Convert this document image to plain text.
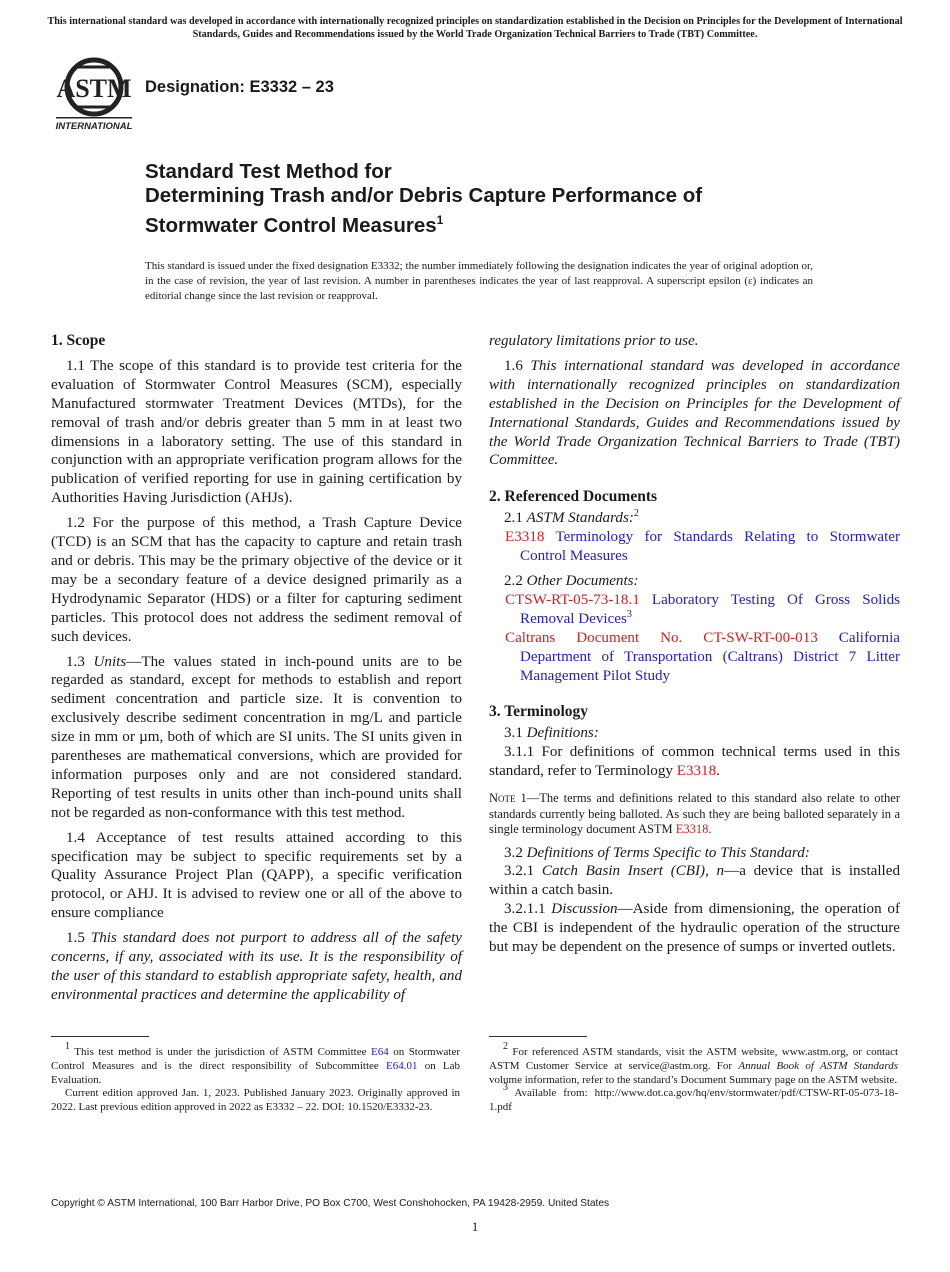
This international standard was developed in accordance with internationally recognized principles on standardization established in the Decision on Principles for the Development of International Standards, Guides and Recommendations issued by the World Trade Organization Technical Barriers to Trade (TBT) Committee.
ASTM
INTERNATIONAL
Designation: E3332 – 23
Standard Test Method for
Determining Trash and/or Debris Capture Performance of
Stormwater Control Measures$^1$
This standard is issued under the fixed designation E3332; the number immediately following the designation indicates the year of original adoption or, in the case of revision, the year of last revision. A number in parentheses indicates the year of last reapproval. A superscript epsilon (ε) indicates an editorial change since the last revision or reapproval.
1. Scope

1.1 The scope of this standard is to provide test criteria for the evaluation of Stormwater Control Measures (SCM), especially Manufactured stormwater Treatment Devices (MTDs), for the removal of trash and/or debris greater than 5 mm in at least two dimensions in a laboratory setting. The use of this standard in conjunction with an appropriate verification program allows for the publication of verified reporting for use in gaining certification by Authorities Having Jurisdiction (AHJs).

1.2 For the purpose of this method, a Trash Capture Device (TCD) is an SCM that has the capacity to capture and retain trash and or debris. This may be the primary objective of the device or it may be a secondary feature of a device designed primarily as a Hydrodynamic Separator (HDS) or a filter for capturing sediment particles. This protocol does not address the sediment removal of such devices.

1.3 Units—The values stated in inch-pound units are to be regarded as standard, except for methods to establish and report sediment concentration and particle size. It is convention to exclusively describe sediment concentration in mg/L and particle size in mm or µm, both of which are SI units. The SI units given in parentheses are mathematical conversions, which are provided for information purposes only and are not considered standard. Reporting of test results in units other than inch-pound units shall not be regarded as non-conformance with this test method.

1.4 Acceptance of test results attained according to this specification may be subject to specific requirements set by a Quality Assurance Project Plan (QAPP), a specific verification protocol, or AHJ. It is advised to review one or all of the above to ensure compliance

1.5 This standard does not purport to address all of the safety concerns, if any, associated with its use. It is the responsibility of the user of this standard to establish appropriate safety, health, and environmental practices and determine the applicability of

regulatory limitations prior to use.

1.6 This international standard was developed in accordance with internationally recognized principles on standardization established in the Decision on Principles for the Development of International Standards, Guides and Recommendations issued by the World Trade Organization Technical Barriers to Trade (TBT) Committee.

2. Referenced Documents

2.1 ASTM Standards:$^2$

E3318 Terminology for Standards Relating to Stormwater Control Measures

2.2 Other Documents:

CTSW-RT-05-73-18.1 Laboratory Testing Of Gross Solids Removal Devices$^3$

Caltrans Document No. CT-SW-RT-00-013 California Department of Transportation (Caltrans) District 7 Litter Management Pilot Study

3. Terminology

3.1 Definitions:

3.1.1 For definitions of common technical terms used in this standard, refer to Terminology E3318.

Note 1—The terms and definitions related to this standard also relate to other standards currently being balloted. As such they are being balloted separately in a single terminology document ASTM E3318.

3.2 Definitions of Terms Specific to This Standard:

3.2.1 Catch Basin Insert (CBI), n—a device that is installed within a catch basin.

3.2.1.1 Discussion—Aside from dimensioning, the operation of the CBI is independent of the hydraulic operation of the structure but may be dependent on the presence of sumps or inverted outlets.

$^1$ This test method is under the jurisdiction of ASTM Committee E64 on Stormwater Control Measures and is the direct responsibility of Subcommittee E64.01 on Lab Evaluation.

Current edition approved Jan. 1, 2023. Published January 2023. Originally approved in 2022. Last previous edition approved in 2022 as E3332 – 22. DOI: 10.1520/E3332-23.

$^2$ For referenced ASTM standards, visit the ASTM website, www.astm.org, or contact ASTM Customer Service at service@astm.org. For Annual Book of ASTM Standards volume information, refer to the standard’s Document Summary page on the ASTM website.

$^3$ Available from: http://www.dot.ca.gov/hq/env/stormwater/pdf/CTSW-RT-05-073-18-1.pdf

Copyright © ASTM International, 100 Barr Harbor Drive, PO Box C700, West Conshohocken, PA 19428-2959. United States
1
